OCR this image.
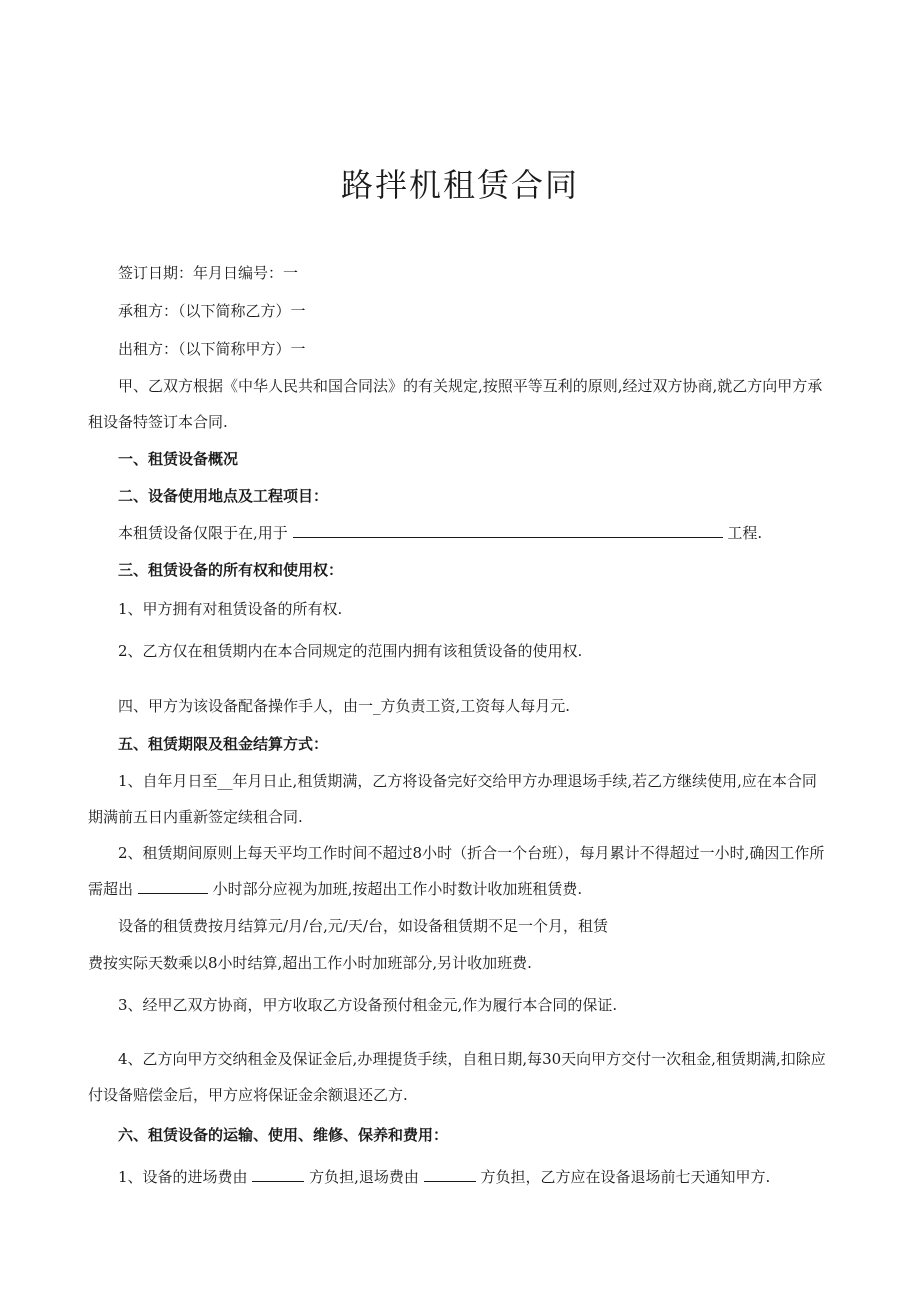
路拌机租赁合同
签订日期：年月日编号：一
承租方：（以下简称乙方）一
出租方：（以下简称甲方）一

甲、乙双方根据《中华人民共和国合同法》的有关规定,按照平等互利的原则,经过双方协商,就乙方向甲方承租设备特签订本合同.

一、租赁设备概况
二、设备使用地点及工程项目：
本租赁设备仅限于在,用于	工程.
三、租赁设备的所有权和使用权：
1、甲方拥有对租赁设备的所有权.
2、乙方仅在租赁期内在本合同规定的范围内拥有该租赁设备的使用权.
四、甲方为该设备配备操作手人，由一_方负责工资,工资每人每月元.
五、租赁期限及租金结算方式：

1、自年月日至__年月日止,租赁期满，乙方将设备完好交给甲方办理退场手续,若乙方继续使用,应在本合同期满前五日内重新签定续租合同.

2、租赁期间原则上每天平均工作时间不超过8小时（折合一个台班），每月累计不得超过一小时,确因工作所需超出	小时部分应视为加班,按超出工作小时数计收加班租赁费.

设备的租赁费按月结算元/月/台,元/天/台，如设备租赁期不足一个月，租赁
费按实际天数乘以8小时结算,超出工作小时加班部分,另计收加班费.
3、经甲乙双方协商，甲方收取乙方设备预付租金元,作为履行本合同的保证.

4、乙方向甲方交纳租金及保证金后,办理提货手续，自租日期,每30天向甲方交付一次租金,租赁期满,扣除应付设备赔偿金后，甲方应将保证金余额退还乙方.

六、租赁设备的运输、使用、维修、保养和费用：
1、设备的进场费由	方负担,退场费由	方负担，乙方应在设备退场前七天通知甲方.
